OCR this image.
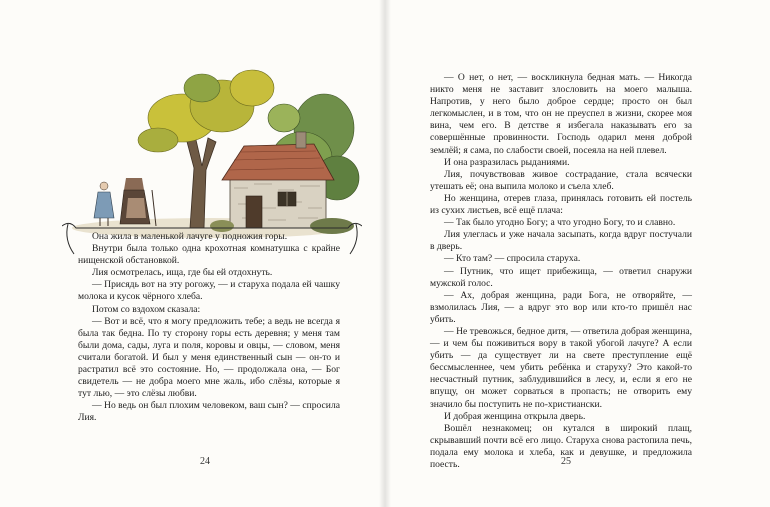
Она жила в маленькой лачуге у подножия горы.

Внутри была только одна крохотная комнатушка с крайне нищенской обстановкой.

Лия осмотрелась, ища, где бы ей отдохнуть.

— Присядь вот на эту рогожу, — и старуха подала ей чашку молока и кусок чёрного хлеба.

Потом со вздохом сказала:

— Вот и всё, что я могу предложить тебе; а ведь не всегда я была так бедна. По ту сторону горы есть деревня; у меня там были дома, сады, луга и поля, коровы и овцы, — словом, меня считали богатой. И был у меня единственный сын — он-то и растратил всё это состояние. Но, — продолжала она, — Бог свидетель — не добра моего мне жаль, ибо слёзы, которые я тут лью, — это слёзы любви.

— Но ведь он был плохим человеком, ваш сын? — спросила Лия.

24	25

— О нет, о нет, — воскликнула бедная мать. — Никогда никто меня не заставит злословить на моего малыша. Напротив, у него было доброе сердце; просто он был легкомыслен, и в том, что он не преуспел в жизни, скорее моя вина, чем его. В детстве я избегала наказывать его за совершённые провинности. Господь одарил меня доброй землёй; я сама, по слабости своей, посеяла на ней плевел.

И она разразилась рыданиями.

Лия, почувствовав живое сострадание, стала всячески утешать её; она выпила молоко и съела хлеб.

Но женщина, отерев глаза, принялась готовить ей постель из сухих листьев, всё ещё плача:

— Так было угодно Богу; а что угодно Богу, то и славно.

Лия улеглась и уже начала засыпать, когда вдруг постучали в дверь.

— Кто там? — спросила старуха.

— Путник, что ищет прибежища, — ответил снаружи мужской голос.

— Ах, добрая женщина, ради Бога, не отворяйте, — взмолилась Лия, — а вдруг это вор или кто-то пришёл нас убить.

— Не тревожься, бедное дитя, — ответила добрая женщина, — и чем бы поживиться вору в такой убогой лачуге? А если убить — да существует ли на свете преступление ещё бессмысленнее, чем убить ребёнка и старуху? Это какой-то несчастный путник, заблудившийся в лесу, и, если я его не впущу, он может сорваться в пропасть; не отворить ему значило бы поступить не по-христиански.

И добрая женщина открыла дверь.

Вошёл незнакомец; он кутался в широкий плащ, скрывавший почти всё его лицо. Старуха снова растопила печь, подала ему молока и хлеба, как и девушке, и предложила поесть.
